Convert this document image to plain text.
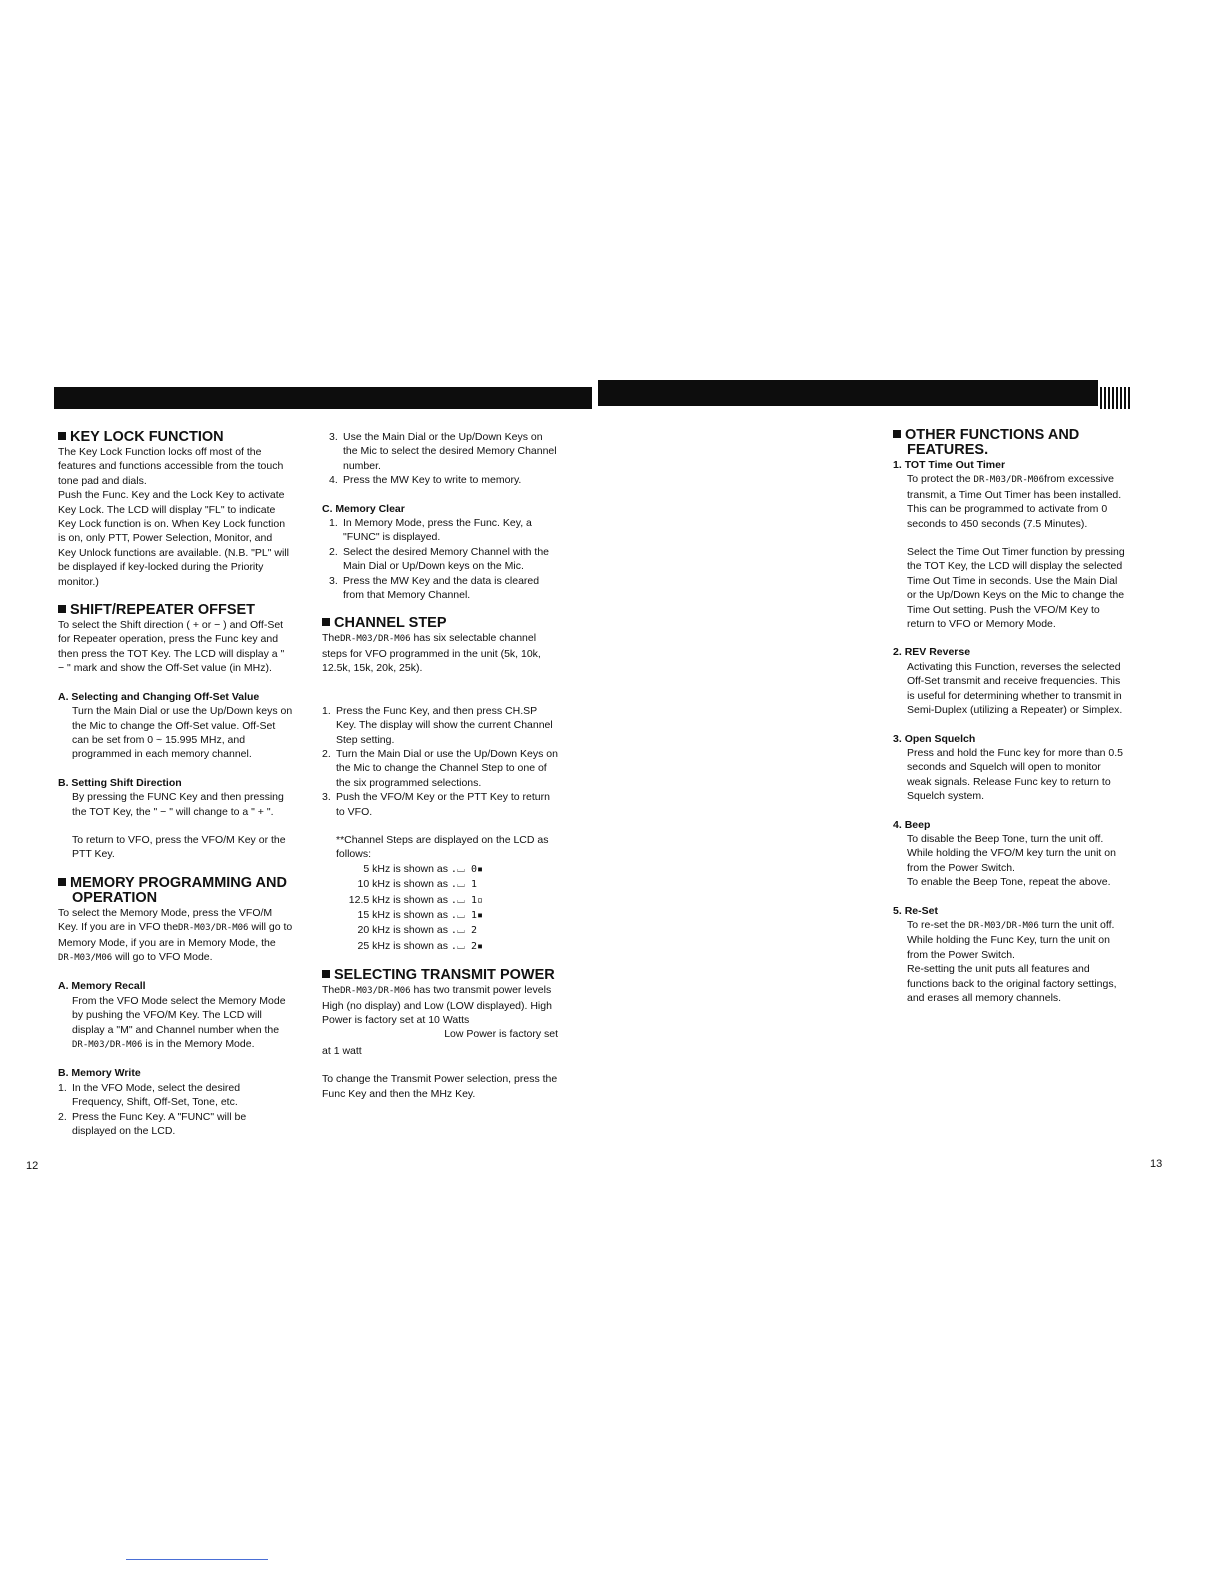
KEY LOCK FUNCTION

The Key Lock Function locks off most of the features and functions accessible from the touch tone pad and dials.

Push the Func. Key and the Lock Key to activate Key Lock. The LCD will display "FL" to indicate Key Lock function is on. When Key Lock function is on, only PTT, Power Selection, Monitor, and Key Unlock functions are available. (N.B. "PL" will be displayed if key-locked during the Priority monitor.)

SHIFT/REPEATER OFFSET

To select the Shift direction ( + or − ) and Off-Set for Repeater operation, press the Func key and then press the TOT Key. The LCD will display a " − " mark and show the Off-Set value (in MHz).

A. Selecting and Changing Off-Set Value

Turn the Main Dial or use the Up/Down keys on the Mic to change the Off-Set value. Off-Set can be set from 0 ~ 15.995 MHz, and programmed in each memory channel.

B. Setting Shift Direction

By pressing the FUNC Key and then pressing the TOT Key, the " − " will change to a " + ".

To return to VFO, press the VFO/M Key or the PTT Key.

MEMORY PROGRAMMING AND
OPERATION

To select the Memory Mode, press the VFO/M Key. If you are in VFO theDR-M03/DR-M06 will go to Memory Mode, if you are in Memory Mode, the DR-M03/M06 will go to VFO Mode.

A. Memory Recall

From the VFO Mode select the Memory Mode by pushing the VFO/M Key. The LCD will display a "M" and Channel number when the DR-M03/DR-M06 is in the Memory Mode.

B. Memory Write

1. In the VFO Mode, select the desired Frequency, Shift, Off-Set, Tone, etc.
2. Press the Func Key. A "FUNC" will be displayed on the LCD.
12
3. Use the Main Dial or the Up/Down Keys on the Mic to select the desired Memory Channel number.
4. Press the MW Key to write to memory.

C. Memory Clear

1. In Memory Mode, press the Func. Key, a "FUNC" is displayed.
2. Select the desired Memory Channel with the Main Dial or Up/Down keys on the Mic.
3. Press the MW Key and the data is cleared from that Memory Channel.
CHANNEL STEP

TheDR-M03/DR-M06 has six selectable channel steps for VFO programmed in the unit (5k, 10k, 12.5k, 15k, 20k, 25k).

1. Press the Func Key, and then press CH.SP Key. The display will show the current Channel Step setting.
2. Turn the Main Dial or use the Up/Down Keys on the Mic to change the Channel Step to one of the six programmed selections.
3. Push the VFO/M Key or the PTT Key to return to VFO.

**Channel Steps are displayed on the LCD as follows:

5 kHz is shown as .⌴ 0▪
10 kHz is shown as .⌴ 1
12.5 kHz is shown as .⌴ 1▫
15 kHz is shown as .⌴ 1▪
20 kHz is shown as .⌴ 2
25 kHz is shown as .⌴ 2▪
SELECTING TRANSMIT POWER

TheDR-M03/DR-M06 has two transmit power levels High (no display) and Low (LOW displayed). High Power is factory set at 10 Watts

Low Power is factory set

at 1 watt

To change the Transmit Power selection, press the Func Key and then the MHz Key.

OTHER FUNCTIONS AND
FEATURES.

1. TOT Time Out Timer

To protect the DR-M03/DR-M06from excessive transmit, a Time Out Timer has been installed. This can be programmed to activate from 0 seconds to 450 seconds (7.5 Minutes).

Select the Time Out Timer function by pressing the TOT Key, the LCD will display the selected Time Out Time in seconds. Use the Main Dial or the Up/Down Keys on the Mic to change the Time Out setting. Push the VFO/M Key to return to VFO or Memory Mode.

2. REV Reverse

Activating this Function, reverses the selected Off-Set transmit and receive frequencies. This is useful for determining whether to transmit in Semi-Duplex (utilizing a Repeater) or Simplex.

3. Open Squelch

Press and hold the Func key for more than 0.5 seconds and Squelch will open to monitor weak signals. Release Func key to return to Squelch system.

4. Beep

To disable the Beep Tone, turn the unit off. While holding the VFO/M key turn the unit on from the Power Switch.

To enable the Beep Tone, repeat the above.

5. Re-Set

To re-set the DR-M03/DR-M06 turn the unit off. While holding the Func Key, turn the unit on from the Power Switch.

Re-setting the unit puts all features and functions back to the original factory settings, and erases all memory channels.

13
